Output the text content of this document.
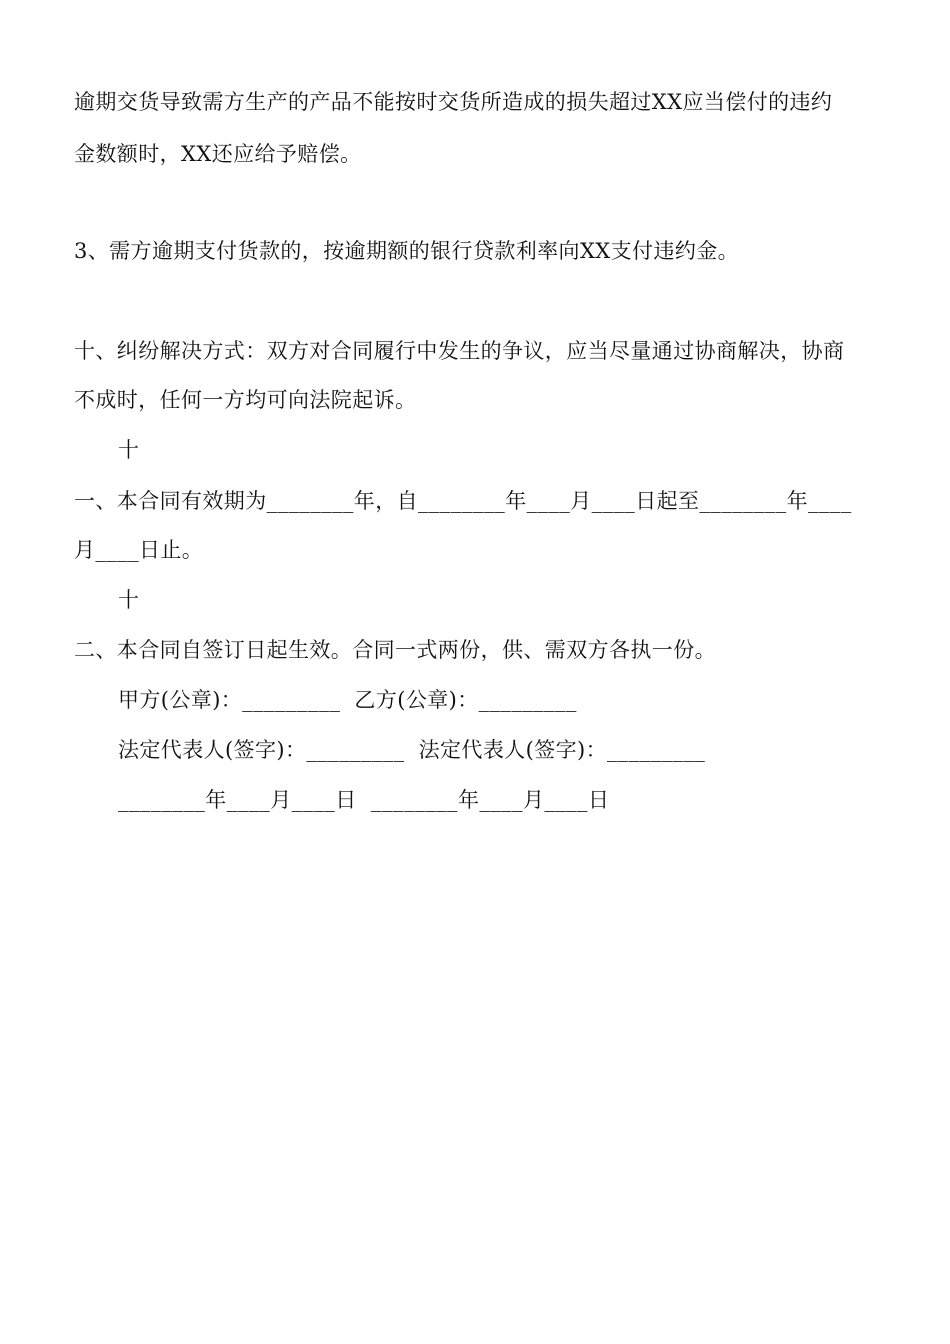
逾期交货导致需方生产的产品不能按时交货所造成的损失超过XX应当偿付的违约
金数额时，XX还应给予赔偿。
3、需方逾期支付货款的，按逾期额的银行贷款利率向XX支付违约金。
十、纠纷解决方式：双方对合同履行中发生的争议，应当尽量通过协商解决，协商
不成时，任何一方均可向法院起诉。
十
一、本合同有效期为________年，自________年____月____日起至________年____
月____日止。
十
二、本合同自签订日起生效。合同一式两份，供、需双方各执一份。
甲方(公章)：_________  乙方(公章)：_________
法定代表人(签字)：_________  法定代表人(签字)：_________
________年____月____日  ________年____月____日
